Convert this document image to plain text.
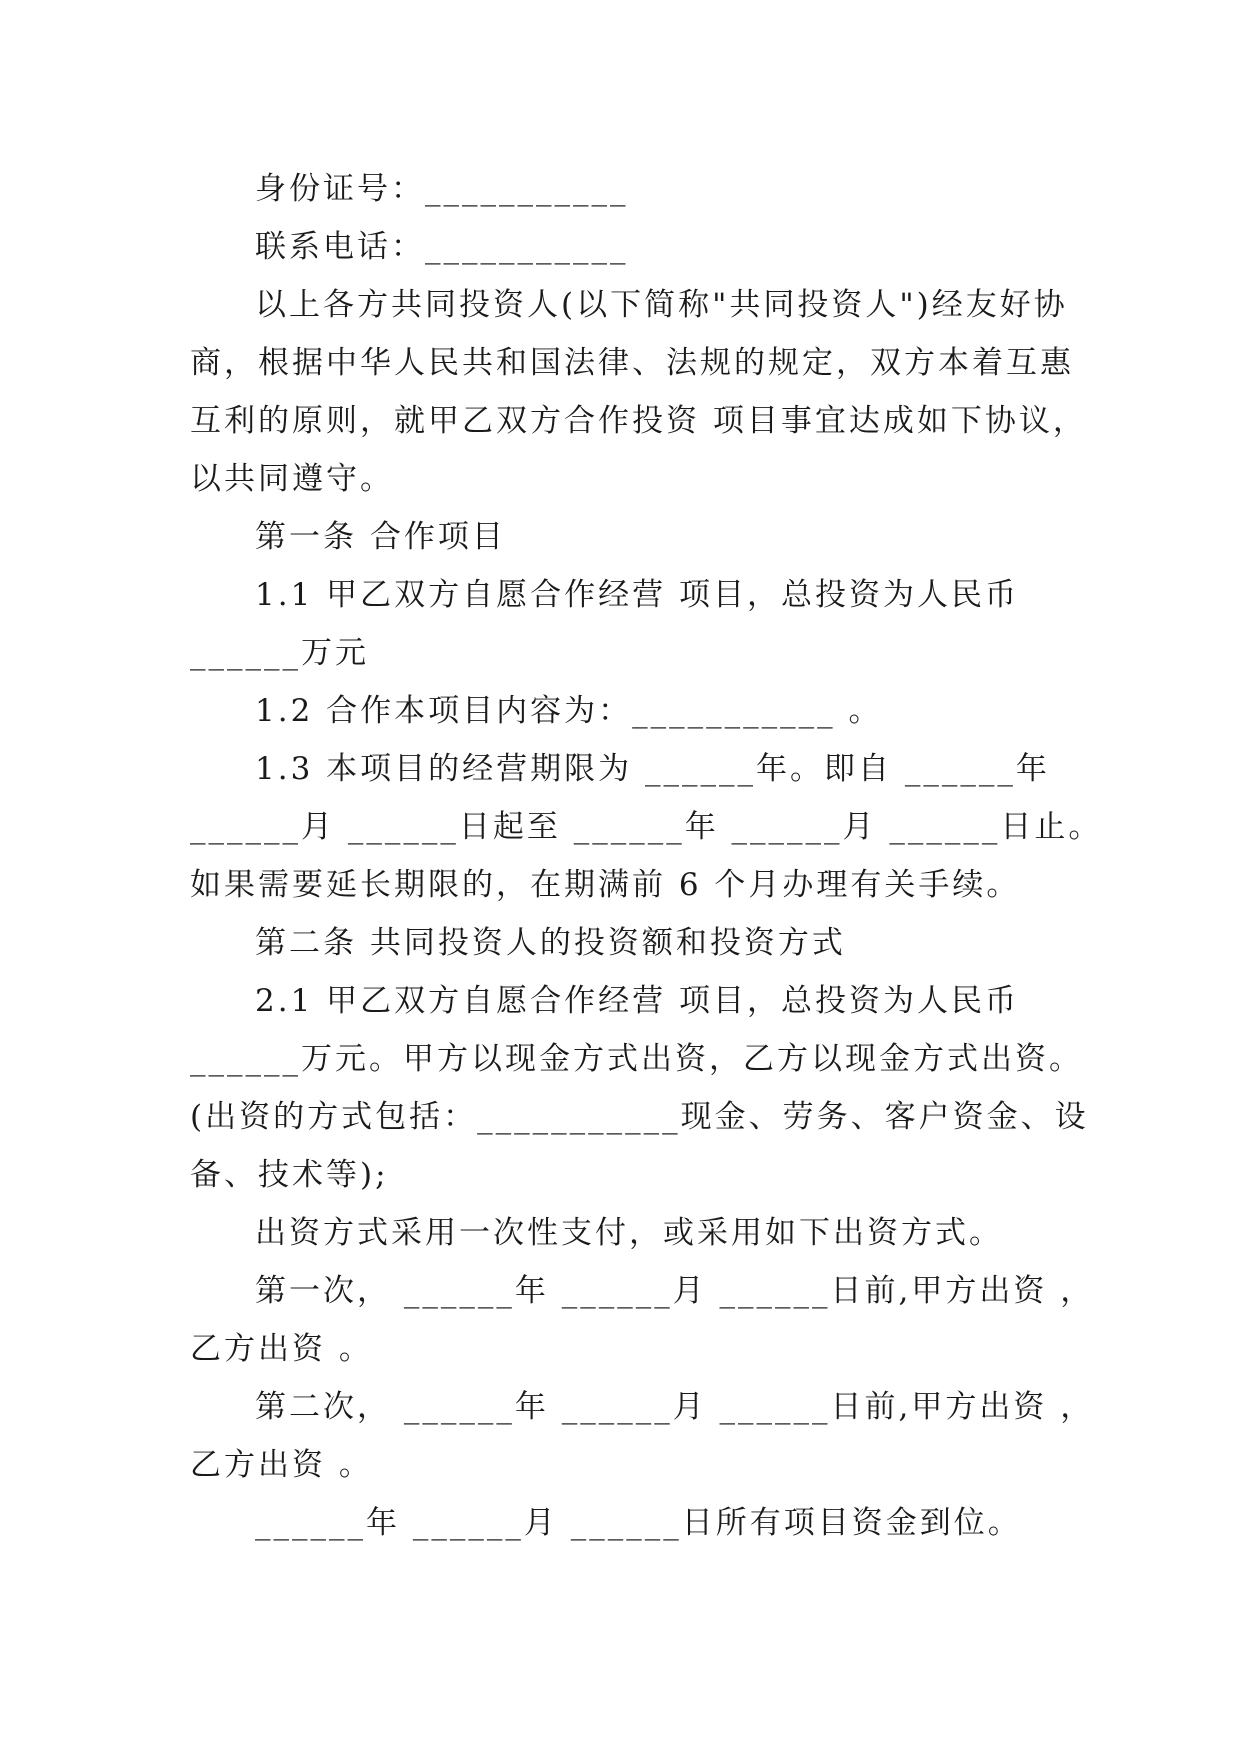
身份证号：___________
联系电话：___________
以上各方共同投资人(以下简称"共同投资人")经友好协
商，根据中华人民共和国法律、法规的规定，双方本着互惠
互利的原则，就甲乙双方合作投资 项目事宜达成如下协议，
以共同遵守。
第一条 合作项目
1.1 甲乙双方自愿合作经营 项目，总投资为人民币
______万元
1.2 合作本项目内容为：___________ 。
1.3 本项目的经营期限为 ______年。即自 ______年
______月 ______日起至 ______年 ______月 ______日止。
如果需要延长期限的，在期满前 6 个月办理有关手续。
第二条 共同投资人的投资额和投资方式
2.1 甲乙双方自愿合作经营 项目，总投资为人民币
______万元。甲方以现金方式出资，乙方以现金方式出资。
(出资的方式包括：___________现金、劳务、客户资金、设
备、技术等);
出资方式采用一次性支付，或采用如下出资方式。
第一次， ______年 ______月 ______日前,甲方出资 ，
乙方出资 。
第二次， ______年 ______月 ______日前,甲方出资 ，
乙方出资 。
______年 ______月 ______日所有项目资金到位。
